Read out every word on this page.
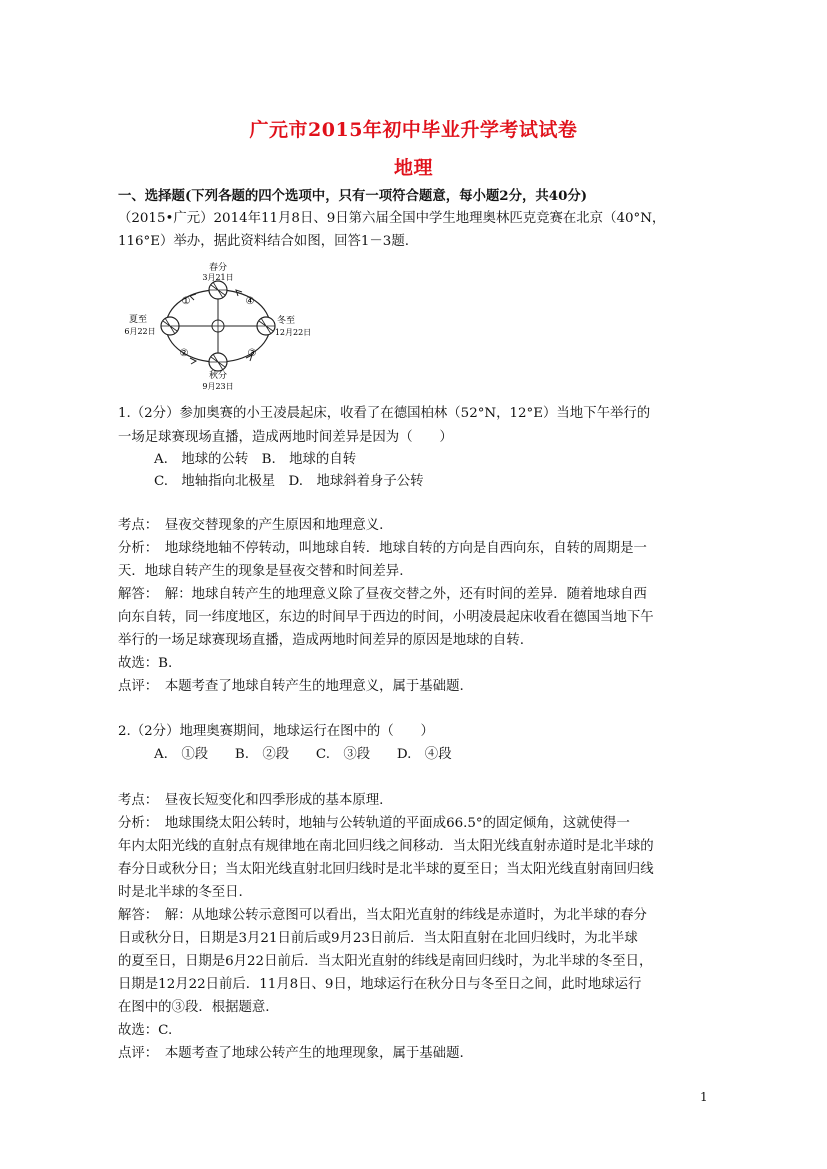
广元市2015年初中毕业升学考试试卷
地理
一、选择题(下列各题的四个选项中，只有一项符合题意，每小题2分，共40分)
（2015•广元）2014年11月8日、9日第六届全国中学生地理奥林匹克竞赛在北京（40°N，
116°E）举办，据此资料结合如图，回答1－3题.
春分
3月21日
夏至
6月22日
冬至
12月22日
秋分
9月23日
①
②	③
④
1.（2分）参加奥赛的小王凌晨起床，收看了在德国柏林（52°N，12°E）当地下午举行的
一场足球赛现场直播，造成两地时间差异是因为（　　）
A.　地球的公转　B.　地球的自转
C.　地轴指向北极星　D.　地球斜着身子公转
考点：　昼夜交替现象的产生原因和地理意义.
分析：　地球绕地轴不停转动，叫地球自转．地球自转的方向是自西向东，自转的周期是一
天．地球自转产生的现象是昼夜交替和时间差异.
解答：　解：地球自转产生的地理意义除了昼夜交替之外，还有时间的差异．随着地球自西
向东自转，同一纬度地区，东边的时间早于西边的时间，小明凌晨起床收看在德国当地下午
举行的一场足球赛现场直播，造成两地时间差异的原因是地球的自转.
故选：B.
点评：　本题考查了地球自转产生的地理意义，属于基础题.
2.（2分）地理奥赛期间，地球运行在图中的（　　）
A.　①段　　B.　②段　　C.　③段　　D.　④段
考点：　昼夜长短变化和四季形成的基本原理.
分析：　地球围绕太阳公转时，地轴与公转轨道的平面成66.5°的固定倾角，这就使得一
年内太阳光线的直射点有规律地在南北回归线之间移动．当太阳光线直射赤道时是北半球的
春分日或秋分日；当太阳光线直射北回归线时是北半球的夏至日；当太阳光线直射南回归线
时是北半球的冬至日.
解答：　解：从地球公转示意图可以看出，当太阳光直射的纬线是赤道时，为北半球的春分
日或秋分日，日期是3月21日前后或9月23日前后．当太阳直射在北回归线时，为北半球
的夏至日，日期是6月22日前后．当太阳光直射的纬线是南回归线时，为北半球的冬至日，
日期是12月22日前后．11月8日、9日，地球运行在秋分日与冬至日之间，此时地球运行
在图中的③段．根据题意.
故选：C.
点评：　本题考查了地球公转产生的地理现象，属于基础题.
1
